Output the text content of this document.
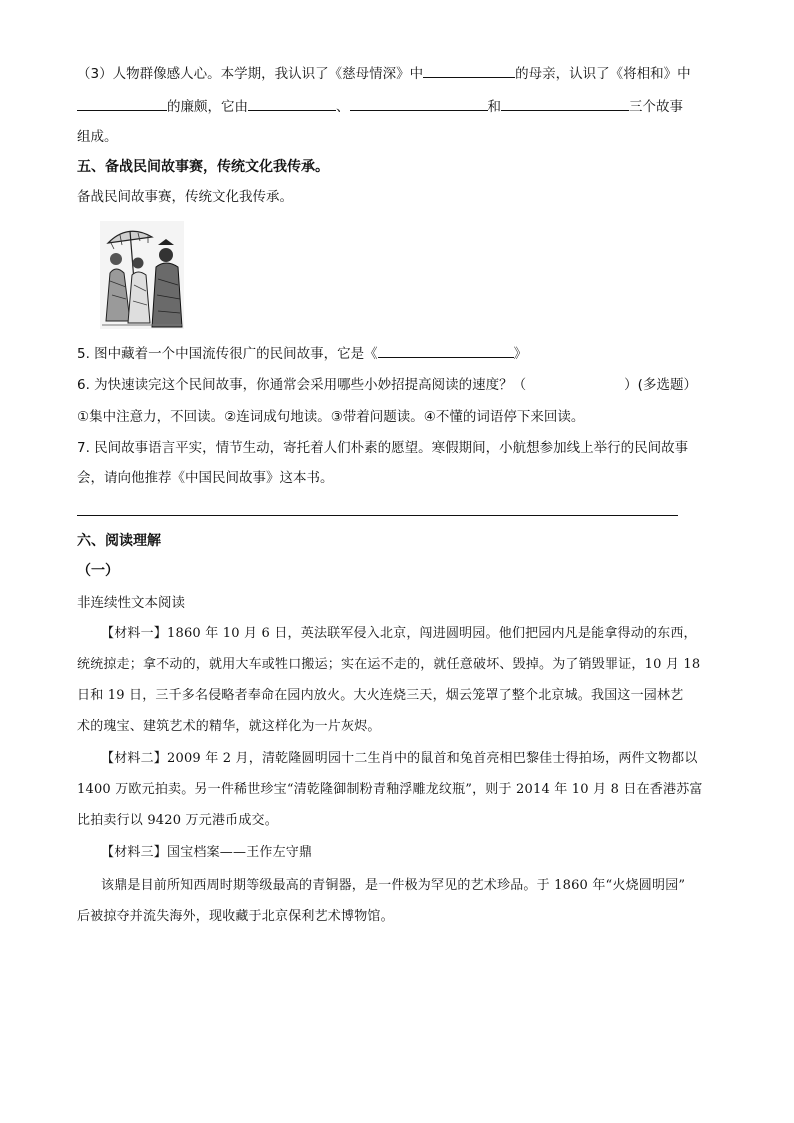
（3）人物群像感人心。本学期，我认识了《慈母情深》中	的母亲，认识了《将相和》中
的廉颇，它由	、	和	三个故事
组成。
五、备战民间故事赛，传统文化我传承。
备战民间故事赛，传统文化我传承。
5. 图中藏着一个中国流传很广的民间故事，它是《	》
6. 为快速读完这个民间故事，你通常会采用哪些小妙招提高阅读的速度？（	）(多选题）
①集中注意力，不回读。②连词成句地读。③带着问题读。④不懂的词语停下来回读。
7. 民间故事语言平实，情节生动，寄托着人们朴素的愿望。寒假期间，小航想参加线上举行的民间故事
会，请向他推荐《中国民间故事》这本书。
六、阅读理解
（一）
非连续性文本阅读
【材料一】1860 年 10 月 6 日，英法联军侵入北京，闯进圆明园。他们把园内凡是能拿得动的东西，
统统掠走；拿不动的，就用大车或牲口搬运；实在运不走的，就任意破坏、毁掉。为了销毁罪证，10 月 18
日和 19 日，三千多名侵略者奉命在园内放火。大火连烧三天，烟云笼罩了整个北京城。我国这一园林艺
术的瑰宝、建筑艺术的精华，就这样化为一片灰烬。
【材料二】2009 年 2 月，清乾隆圆明园十二生肖中的鼠首和兔首亮相巴黎佳士得拍场，两件文物都以
1400 万欧元拍卖。另一件稀世珍宝“清乾隆御制粉青釉浮雕龙纹瓶”，则于 2014 年 10 月 8 日在香港苏富
比拍卖行以 9420 万元港币成交。
【材料三】国宝档案——王作左守鼎
该鼎是目前所知西周时期等级最高的青铜器，是一件极为罕见的艺术珍品。于 1860 年“火烧圆明园”
后被掠夺并流失海外，现收藏于北京保利艺术博物馆。
